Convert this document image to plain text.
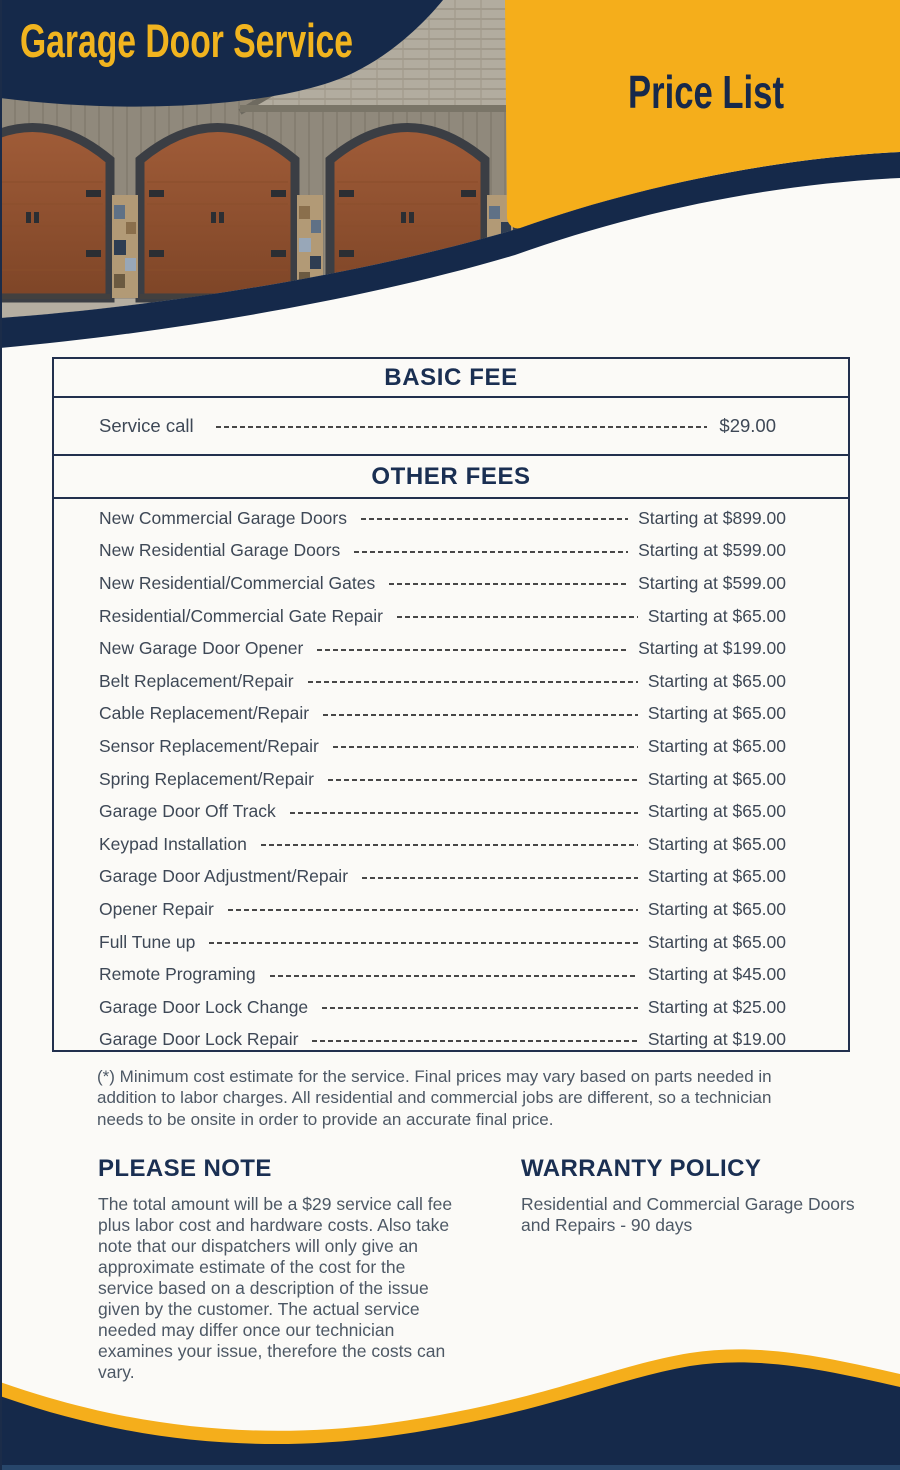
Garage Door Service
Price List
BASIC FEE
Service call	$29.00
OTHER FEES
New Commercial Garage Doors	Starting at $899.00
New Residential Garage Doors	Starting at $599.00
New Residential/Commercial Gates	Starting at $599.00
Residential/Commercial Gate Repair	Starting at $65.00
New Garage Door Opener	Starting at $199.00
Belt Replacement/Repair	Starting at $65.00
Cable Replacement/Repair	Starting at $65.00
Sensor Replacement/Repair	Starting at $65.00
Spring Replacement/Repair	Starting at $65.00
Garage Door Off Track	Starting at $65.00
Keypad Installation	Starting at $65.00
Garage Door Adjustment/Repair	Starting at $65.00
Opener Repair	Starting at $65.00
Full Tune up	Starting at $65.00
Remote Programing	Starting at $45.00
Garage Door Lock Change	Starting at $25.00
Garage Door Lock Repair	Starting at $19.00

(*) Minimum cost estimate for the service. Final prices may vary based on parts needed in addition to labor charges. All residential and commercial jobs are different, so a technician needs to be onsite in order to provide an accurate final price.

PLEASE NOTE

The total amount will be a $29 service call fee plus labor cost and hardware costs. Also take note that our dispatchers will only give an approximate estimate of the cost for the service based on a description of the issue given by the customer. The actual service needed may differ once our technician examines your issue, therefore the costs can vary.

WARRANTY POLICY

Residential and Commercial Garage Doors and Repairs - 90 days
